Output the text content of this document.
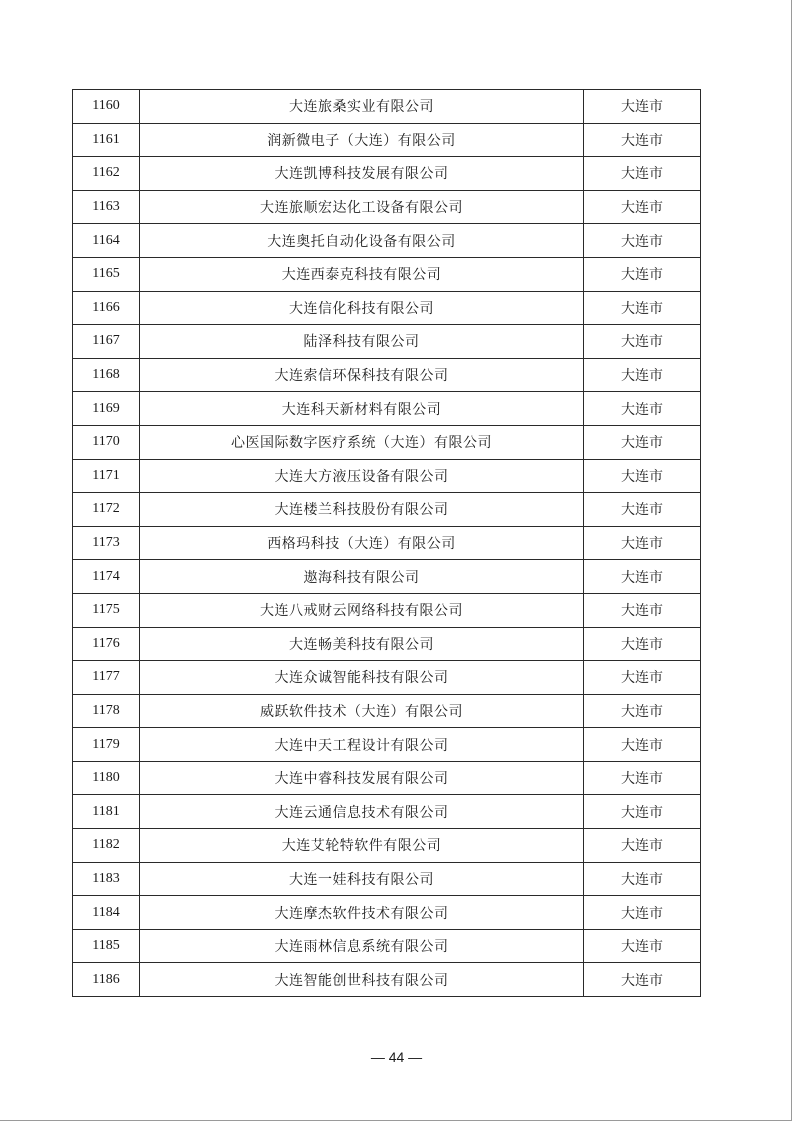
1160	大连旅桑实业有限公司	大连市
1161	润新微电子（大连）有限公司	大连市
1162	大连凯博科技发展有限公司	大连市
1163	大连旅顺宏达化工设备有限公司	大连市
1164	大连奥托自动化设备有限公司	大连市
1165	大连西泰克科技有限公司	大连市
1166	大连信化科技有限公司	大连市
1167	陆泽科技有限公司	大连市
1168	大连索信环保科技有限公司	大连市
1169	大连科天新材料有限公司	大连市
1170	心医国际数字医疗系统（大连）有限公司	大连市
1171	大连大方液压设备有限公司	大连市
1172	大连楼兰科技股份有限公司	大连市
1173	西格玛科技（大连）有限公司	大连市
1174	遨海科技有限公司	大连市
1175	大连八戒财云网络科技有限公司	大连市
1176	大连畅美科技有限公司	大连市
1177	大连众诚智能科技有限公司	大连市
1178	威跃软件技术（大连）有限公司	大连市
1179	大连中天工程设计有限公司	大连市
1180	大连中睿科技发展有限公司	大连市
1181	大连云通信息技术有限公司	大连市
1182	大连艾轮特软件有限公司	大连市
1183	大连一娃科技有限公司	大连市
1184	大连摩杰软件技术有限公司	大连市
1185	大连雨林信息系统有限公司	大连市
1186	大连智能创世科技有限公司	大连市
— 44 —
